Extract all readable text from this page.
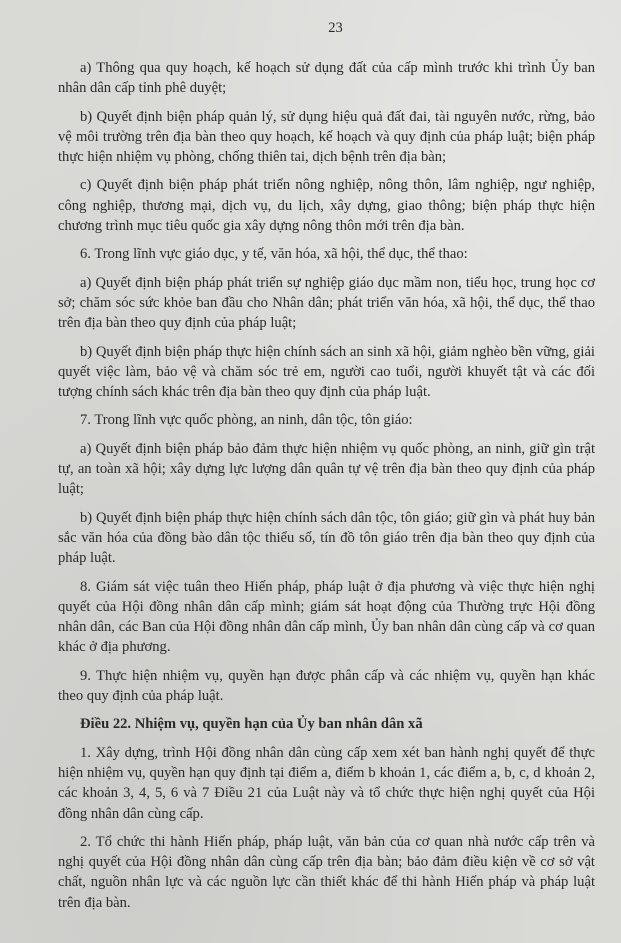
23

a) Thông qua quy hoạch, kế hoạch sử dụng đất của cấp mình trước khi trình Ủy ban nhân dân cấp tỉnh phê duyệt;

b) Quyết định biện pháp quản lý, sử dụng hiệu quả đất đai, tài nguyên nước, rừng, bảo vệ môi trường trên địa bàn theo quy hoạch, kế hoạch và quy định của pháp luật; biện pháp thực hiện nhiệm vụ phòng, chống thiên tai, dịch bệnh trên địa bàn;

c) Quyết định biện pháp phát triển nông nghiệp, nông thôn, lâm nghiệp, ngư nghiệp, công nghiệp, thương mại, dịch vụ, du lịch, xây dựng, giao thông; biện pháp thực hiện chương trình mục tiêu quốc gia xây dựng nông thôn mới trên địa bàn.

6. Trong lĩnh vực giáo dục, y tế, văn hóa, xã hội, thể dục, thể thao:

a) Quyết định biện pháp phát triển sự nghiệp giáo dục mầm non, tiểu học, trung học cơ sở; chăm sóc sức khỏe ban đầu cho Nhân dân; phát triển văn hóa, xã hội, thể dục, thể thao trên địa bàn theo quy định của pháp luật;

b) Quyết định biện pháp thực hiện chính sách an sinh xã hội, giảm nghèo bền vững, giải quyết việc làm, bảo vệ và chăm sóc trẻ em, người cao tuổi, người khuyết tật và các đối tượng chính sách khác trên địa bàn theo quy định của pháp luật.

7. Trong lĩnh vực quốc phòng, an ninh, dân tộc, tôn giáo:

a) Quyết định biện pháp bảo đảm thực hiện nhiệm vụ quốc phòng, an ninh, giữ gìn trật tự, an toàn xã hội; xây dựng lực lượng dân quân tự vệ trên địa bàn theo quy định của pháp luật;

b) Quyết định biện pháp thực hiện chính sách dân tộc, tôn giáo; giữ gìn và phát huy bản sắc văn hóa của đồng bào dân tộc thiểu số, tín đồ tôn giáo trên địa bàn theo quy định của pháp luật.

8. Giám sát việc tuân theo Hiến pháp, pháp luật ở địa phương và việc thực hiện nghị quyết của Hội đồng nhân dân cấp mình; giám sát hoạt động của Thường trực Hội đồng nhân dân, các Ban của Hội đồng nhân dân cấp mình, Ủy ban nhân dân cùng cấp và cơ quan khác ở địa phương.

9. Thực hiện nhiệm vụ, quyền hạn được phân cấp và các nhiệm vụ, quyền hạn khác theo quy định của pháp luật.

Điều 22. Nhiệm vụ, quyền hạn của Ủy ban nhân dân xã

1. Xây dựng, trình Hội đồng nhân dân cùng cấp xem xét ban hành nghị quyết để thực hiện nhiệm vụ, quyền hạn quy định tại điểm a, điểm b khoản 1, các điểm a, b, c, d khoản 2, các khoản 3, 4, 5, 6 và 7 Điều 21 của Luật này và tổ chức thực hiện nghị quyết của Hội đồng nhân dân cùng cấp.

2. Tổ chức thi hành Hiến pháp, pháp luật, văn bản của cơ quan nhà nước cấp trên và nghị quyết của Hội đồng nhân dân cùng cấp trên địa bàn; bảo đảm điều kiện về cơ sở vật chất, nguồn nhân lực và các nguồn lực cần thiết khác để thi hành Hiến pháp và pháp luật trên địa bàn.
